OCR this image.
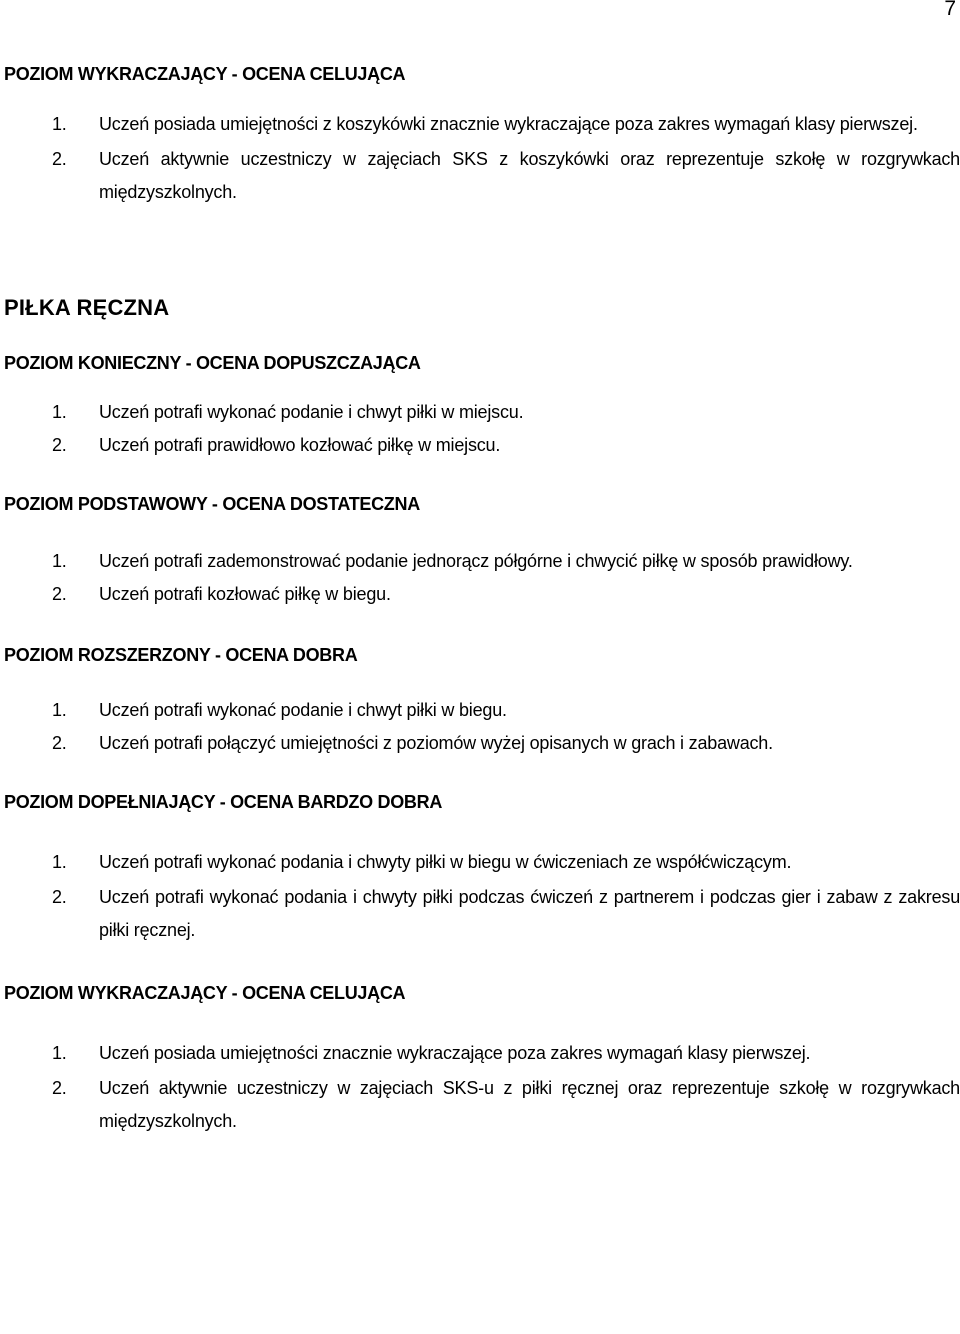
7
POZIOM WYKRACZAJĄCY - OCENA CELUJĄCA
1. Uczeń posiada umiejętności z koszykówki znacznie wykraczające poza zakres wymagań klasy pierwszej.
2. Uczeń aktywnie uczestniczy w zajęciach SKS z koszykówki oraz reprezentuje szkołę w rozgrywkach międzyszkolnych.
PIŁKA RĘCZNA
POZIOM KONIECZNY - OCENA DOPUSZCZAJĄCA
1. Uczeń potrafi wykonać podanie i chwyt piłki w miejscu.
2. Uczeń potrafi prawidłowo kozłować piłkę w miejscu.
POZIOM PODSTAWOWY - OCENA DOSTATECZNA
1. Uczeń potrafi zademonstrować podanie jednorącz półgórne i chwycić piłkę w sposób prawidłowy.
2. Uczeń potrafi kozłować piłkę w biegu.
POZIOM ROZSZERZONY - OCENA DOBRA
1. Uczeń potrafi wykonać podanie i chwyt piłki w biegu.
2. Uczeń potrafi połączyć umiejętności z poziomów wyżej opisanych w grach i zabawach.
POZIOM DOPEŁNIAJĄCY - OCENA BARDZO DOBRA
1. Uczeń potrafi wykonać podania i chwyty piłki w biegu w ćwiczeniach ze współćwiczącym.
2. Uczeń potrafi wykonać podania i chwyty piłki podczas ćwiczeń z partnerem i podczas gier i zabaw z zakresu piłki ręcznej.
POZIOM WYKRACZAJĄCY - OCENA CELUJĄCA
1. Uczeń posiada umiejętności znacznie wykraczające poza zakres wymagań klasy pierwszej.
2. Uczeń aktywnie uczestniczy w zajęciach SKS-u z piłki ręcznej oraz reprezentuje szkołę w rozgrywkach międzyszkolnych.
